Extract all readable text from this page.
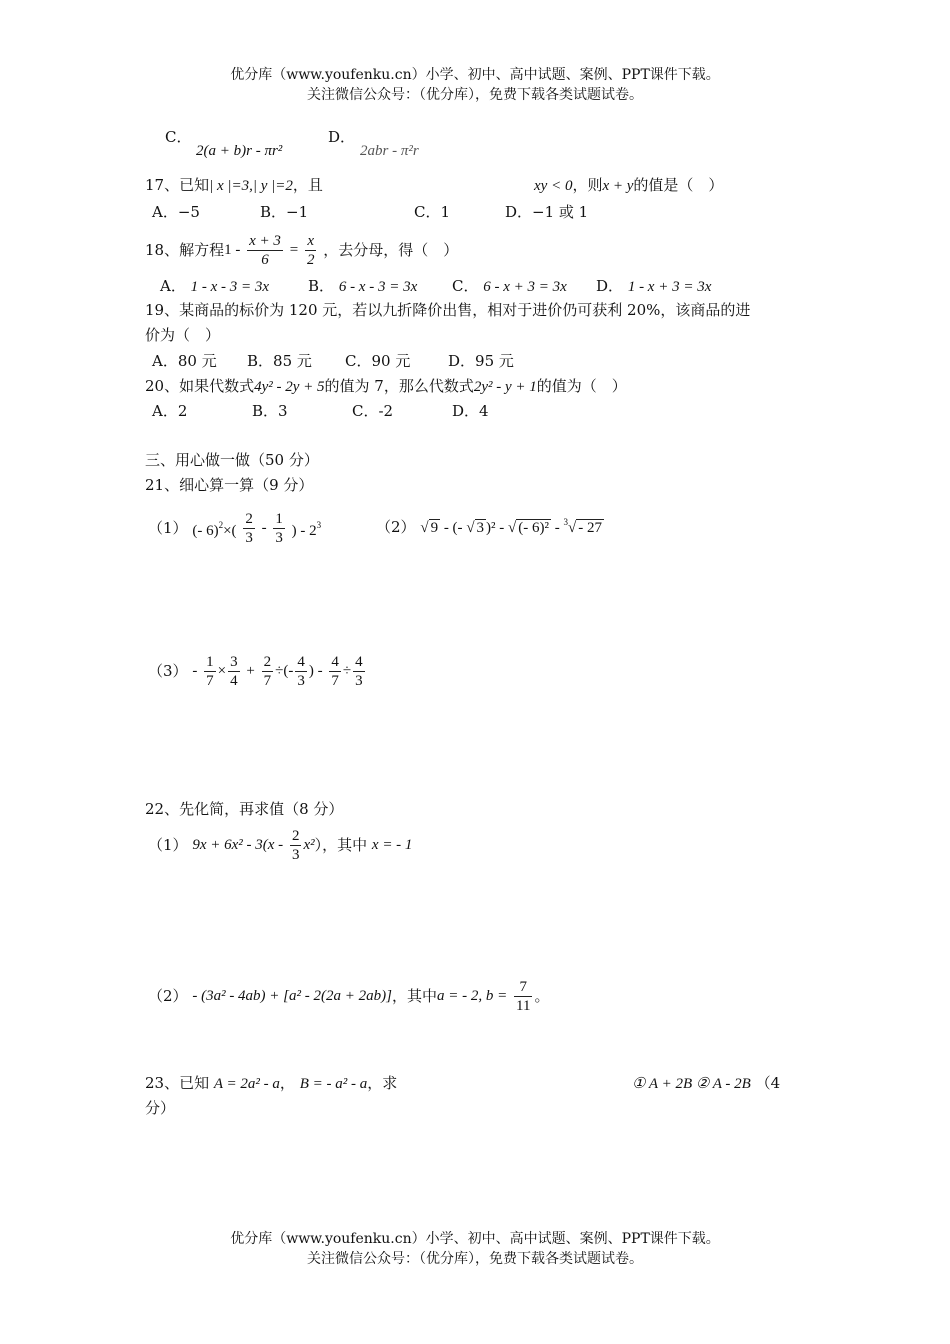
优分库（www.youfenku.cn）小学、初中、高中试题、案例、PPT课件下载。
关注微信公众号：（优分库），免费下载各类试题试卷。
C．
2(a + b)r - πr²
D．
2abr - π²r
17、已知| x |=3,| y |=2，且	xy < 0，则x + y的值是（　）
A．−5	B．−1	C．1	D．−1 或 1
18、解方程$1 - \frac{x + 3}{6} = \frac{x}{2}$ ，去分母，得（　）
A． 1 - x - 3 = 3x	B． 6 - x - 3 = 3x C． 6 - x + 3 = 3x D． 1 - x + 3 = 3x
19、某商品的标价为 120 元，若以九折降价出售，相对于进价仍可获利 20%，该商品的进
价为（　）
A．80 元 B．85 元 C．90 元	D．95 元
20、如果代数式4y² - 2y + 5的值为 7，那么代数式2y² - y + 1的值为（　）
A．2	B．3	C．-2	D．4
三、用心做一做（50 分）
21、细心算一算（9 分）
（1） (- $6)^2\times( \frac{2}{3} - \frac{1}{3}$ ) - $2^3$	（2） √ 9 - (- √ 3 )² - √ (- 6)² - $^3$√ - 27
$(3) - \frac{1}{7} \times \frac{3}{4} + \frac{2}{7}$ ÷(- $\frac{4}{3}$ ) - $\frac{4}{7} \div \frac{4}{3}$
22、先化简，再求值（8 分）
（1） $9x + 6x^2 - 3(x - \frac{2}{3} x^2)$，其中 x = - 1
（2） - (3a² - 4ab) + [a² - 2(2a + 2ab)]，其中a = - 2, $b = \frac{7}{11}$ 。
23、已知 A = 2a² - a， B = - a² - a，求	① A + 2B ② A - 2B （4
分）
优分库（www.youfenku.cn）小学、初中、高中试题、案例、PPT课件下载。
关注微信公众号：（优分库），免费下载各类试题试卷。
